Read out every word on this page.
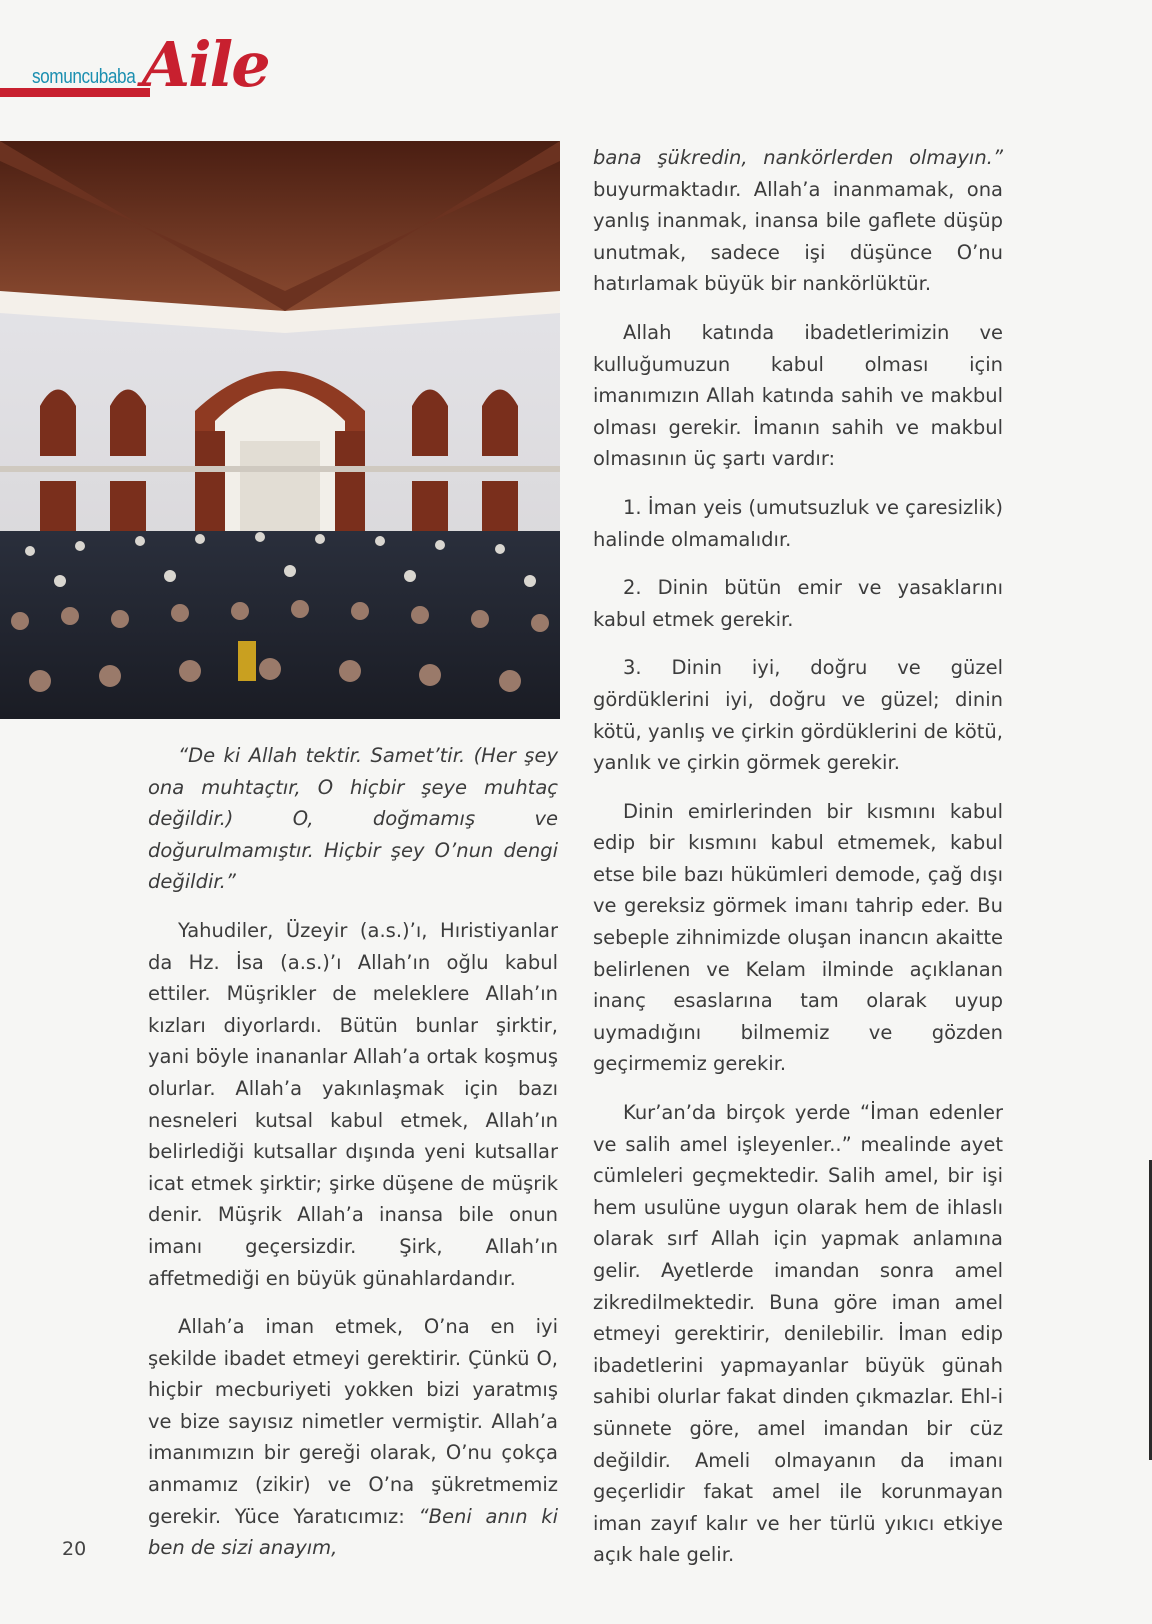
somuncubaba Aile

“De ki Allah tektir. Samet’tir. (Her şey ona muhtaçtır, O hiçbir şeye muhtaç değildir.) O, doğmamış ve doğurulmamıştır. Hiçbir şey O’nun dengi değildir.”

Yahudiler, Üzeyir (a.s.)’ı, Hıristiyanlar da Hz. İsa (a.s.)’ı Allah’ın oğlu kabul ettiler. Müşrikler de meleklere Allah’ın kızları diyorlardı. Bütün bunlar şirktir, yani böyle inananlar Allah’a ortak koşmuş olurlar. Allah’a yakınlaşmak için bazı nesneleri kutsal kabul etmek, Allah’ın belirlediği kutsallar dışında yeni kutsallar icat etmek şirktir; şirke düşene de müşrik denir. Müşrik Allah’a inansa bile onun imanı geçersizdir. Şirk, Allah’ın affetmediği en büyük günahlardandır.

Allah’a iman etmek, O’na en iyi şekilde ibadet etmeyi gerektirir. Çünkü O, hiçbir mecburiyeti yokken bizi yaratmış ve bize sayısız nimetler vermiştir. Allah’a imanımızın bir gereği olarak, O’nu çokça anmamız (zikir) ve O’na şükretmemiz gerekir. Yüce Yaratıcımız: “Beni anın ki ben de sizi anayım,

bana şükredin, nankörlerden olmayın.” buyurmaktadır. Allah’a inanmamak, ona yanlış inanmak, inansa bile gaflete düşüp unutmak, sadece işi düşünce O’nu hatırlamak büyük bir nankörlüktür.

Allah katında ibadetlerimizin ve kulluğumuzun kabul olması için imanımızın Allah katında sahih ve makbul olması gerekir. İmanın sahih ve makbul olmasının üç şartı vardır:

1. İman yeis (umutsuzluk ve çaresizlik) halinde olmamalıdır.

2. Dinin bütün emir ve yasaklarını kabul etmek gerekir.

3. Dinin iyi, doğru ve güzel gördüklerini iyi, doğru ve güzel; dinin kötü, yanlış ve çirkin gördüklerini de kötü, yanlık ve çirkin görmek gerekir.

Dinin emirlerinden bir kısmını kabul edip bir kısmını kabul etmemek, kabul etse bile bazı hükümleri demode, çağ dışı ve gereksiz görmek imanı tahrip eder. Bu sebeple zihnimizde oluşan inancın akaitte belirlenen ve Kelam ilminde açıklanan inanç esaslarına tam olarak uyup uymadığını bilmemiz ve gözden geçirmemiz gerekir.

Kur’an’da birçok yerde “İman edenler ve salih amel işleyenler..” mealinde ayet cümleleri geçmektedir. Salih amel, bir işi hem usulüne uygun olarak hem de ihlaslı olarak sırf Allah için yapmak anlamına gelir. Ayetlerde imandan sonra amel zikredilmektedir. Buna göre iman amel etmeyi gerektirir, denilebilir. İman edip ibadetlerini yapmayanlar büyük günah sahibi olurlar fakat dinden çıkmazlar. Ehl-i sünnete göre, amel imandan bir cüz değildir. Ameli olmayanın da imanı geçerlidir fakat amel ile korunmayan iman zayıf kalır ve her türlü yıkıcı etkiye açık hale gelir.

20
